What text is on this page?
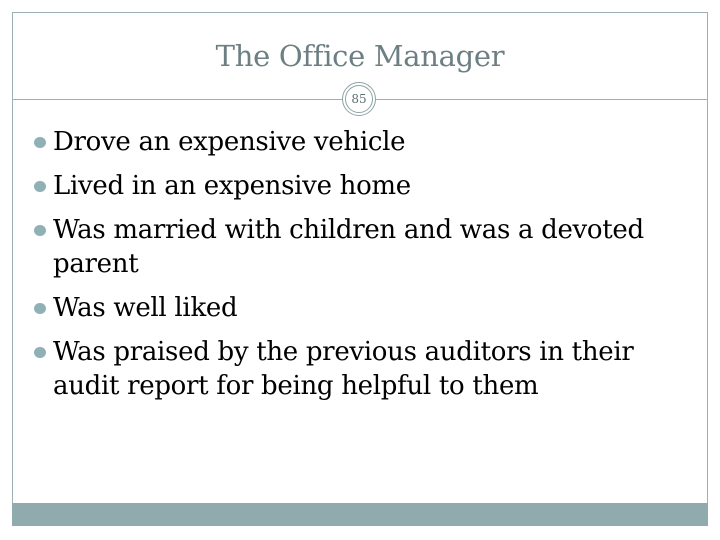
The Office Manager
85
Drove an expensive vehicle
Lived in an expensive home
Was married with children and was a devoted parent
Was well liked
Was praised by the previous auditors in their audit report for being helpful to them
